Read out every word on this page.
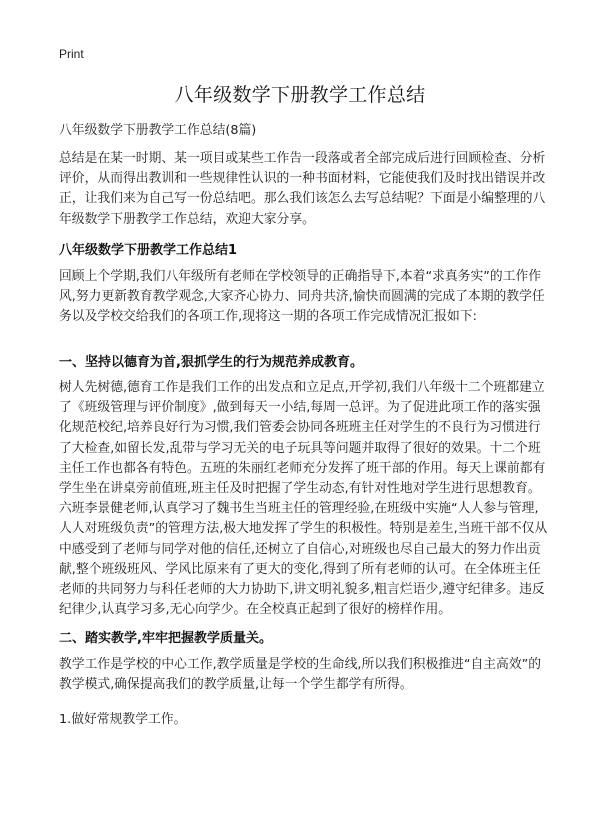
Print
八年级数学下册教学工作总结
八年级数学下册教学工作总结(8篇)
总结是在某一时期、某一项目或某些工作告一段落或者全部完成后进行回顾检查、分析评价，从而得出教训和一些规律性认识的一种书面材料，它能使我们及时找出错误并改正，让我们来为自己写一份总结吧。那么我们该怎么去写总结呢？下面是小编整理的八年级数学下册教学工作总结，欢迎大家分享。
八年级数学下册教学工作总结1
回顾上个学期,我们八年级所有老师在学校领导的正确指导下,本着“求真务实”的工作作风,努力更新教育教学观念,大家齐心协力、同舟共济,愉快而圆满的完成了本期的教学任务以及学校交给我们的各项工作,现将这一期的各项工作完成情况汇报如下:
一、坚持以德育为首,狠抓学生的行为规范养成教育。
树人先树德,德育工作是我们工作的出发点和立足点,开学初,我们八年级十二个班都建立了《班级管理与评价制度》,做到每天一小结,每周一总评。为了促进此项工作的落实强化规范校纪,培养良好行为习惯,我们管委会协同各班班主任对学生的不良行为习惯进行了大检查,如留长发,乱带与学习无关的电子玩具等问题并取得了很好的效果。十二个班主任工作也都各有特色。五班的朱丽红老师充分发挥了班干部的作用。每天上课前都有学生坐在讲桌旁前值班,班主任及时把握了学生动态,有针对性地对学生进行思想教育。六班李景健老师,认真学习了魏书生当班主任的管理经验,在班级中实施“人人参与管理,人人对班级负责”的管理方法,极大地发挥了学生的积极性。特别是差生,当班干部不仅从中感受到了老师与同学对他的信任,还树立了自信心,对班级也尽自己最大的努力作出贡献,整个班级班风、学风比原来有了更大的变化,得到了所有老师的认可。在全体班主任老师的共同努力与科任老师的大力协助下,讲文明礼貌多,粗言烂语少,遵守纪律多。违反纪律少,认真学习多,无心向学少。在全校真正起到了很好的榜样作用。
二、踏实教学,牢牢把握教学质量关。
教学工作是学校的中心工作,教学质量是学校的生命线,所以我们积极推进“自主高效”的教学模式,确保提高我们的教学质量,让每一个学生都学有所得。
1.做好常规教学工作。
